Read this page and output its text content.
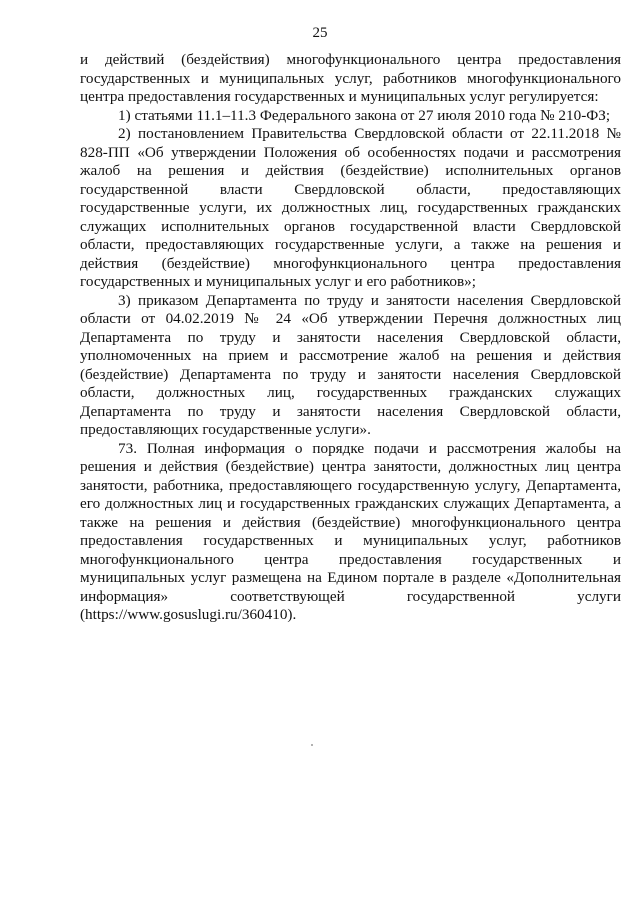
25

и действий (бездействия) многофункционального центра предоставления государственных и муниципальных услуг, работников многофункционального центра предоставления государственных и муниципальных услуг регулируется:

1) статьями 11.1–11.3 Федерального закона от 27 июля 2010 года № 210-ФЗ;

2) постановлением Правительства Свердловской области от 22.11.2018 № 828-ПП «Об утверждении Положения об особенностях подачи и рассмотрения жалоб на решения и действия (бездействие) исполнительных органов государственной власти Свердловской области, предоставляющих государственные услуги, их должностных лиц, государственных гражданских служащих исполнительных органов государственной власти Свердловской области, предоставляющих государственные услуги, а также на решения и действия (бездействие) многофункционального центра предоставления государственных и муниципальных услуг и его работников»;

3) приказом Департамента по труду и занятости населения Свердловской области от 04.02.2019 № 24 «Об утверждении Перечня должностных лиц Департамента по труду и занятости населения Свердловской области, уполномоченных на прием и рассмотрение жалоб на решения и действия (бездействие) Департамента по труду и занятости населения Свердловской области, должностных лиц, государственных гражданских служащих Департамента по труду и занятости населения Свердловской области, предоставляющих государственные услуги».

73. Полная информация о порядке подачи и рассмотрения жалобы на решения и действия (бездействие) центра занятости, должностных лиц центра занятости, работника, предоставляющего государственную услугу, Департамента, его должностных лиц и государственных гражданских служащих Департамента, а также на решения и действия (бездействие) многофункционального центра предоставления государственных и муниципальных услуг, работников многофункционального центра предоставления государственных и муниципальных услуг размещена на Едином портале в разделе «Дополнительная информация» соответствующей государственной услуги (https://www.gosuslugi.ru/360410).
